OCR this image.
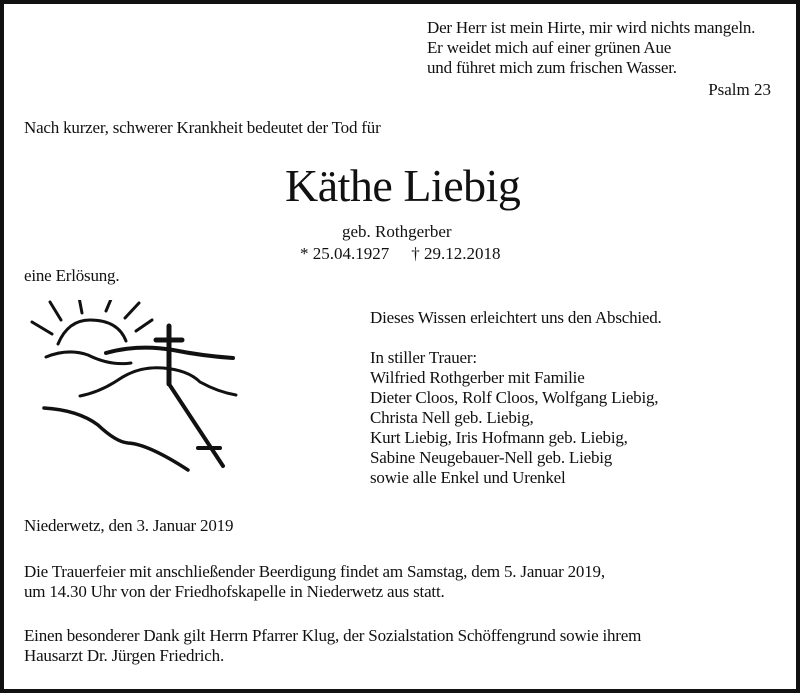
Der Herr ist mein Hirte, mir wird nichts mangeln.
Er weidet mich auf einer grünen Aue
und führet mich zum frischen Wasser.
Psalm 23
Nach kurzer, schwerer Krankheit bedeutet der Tod für
Käthe Liebig
geb. Rothgerber
* 25.04.1927 † 29.12.2018
eine Erlösung.
Dieses Wissen erleichtert uns den Abschied.
In stiller Trauer:
Wilfried Rothgerber mit Familie
Dieter Cloos, Rolf Cloos, Wolfgang Liebig,
Christa Nell geb. Liebig,
Kurt Liebig, Iris Hofmann geb. Liebig,
Sabine Neugebauer-Nell geb. Liebig
sowie alle Enkel und Urenkel
Niederwetz, den 3. Januar 2019
Die Trauerfeier mit anschließender Beerdigung findet am Samstag, dem 5. Januar 2019,
um 14.30 Uhr von der Friedhofskapelle in Niederwetz aus statt.
Einen besonderer Dank gilt Herrn Pfarrer Klug, der Sozialstation Schöffengrund sowie ihrem
Hausarzt Dr. Jürgen Friedrich.
